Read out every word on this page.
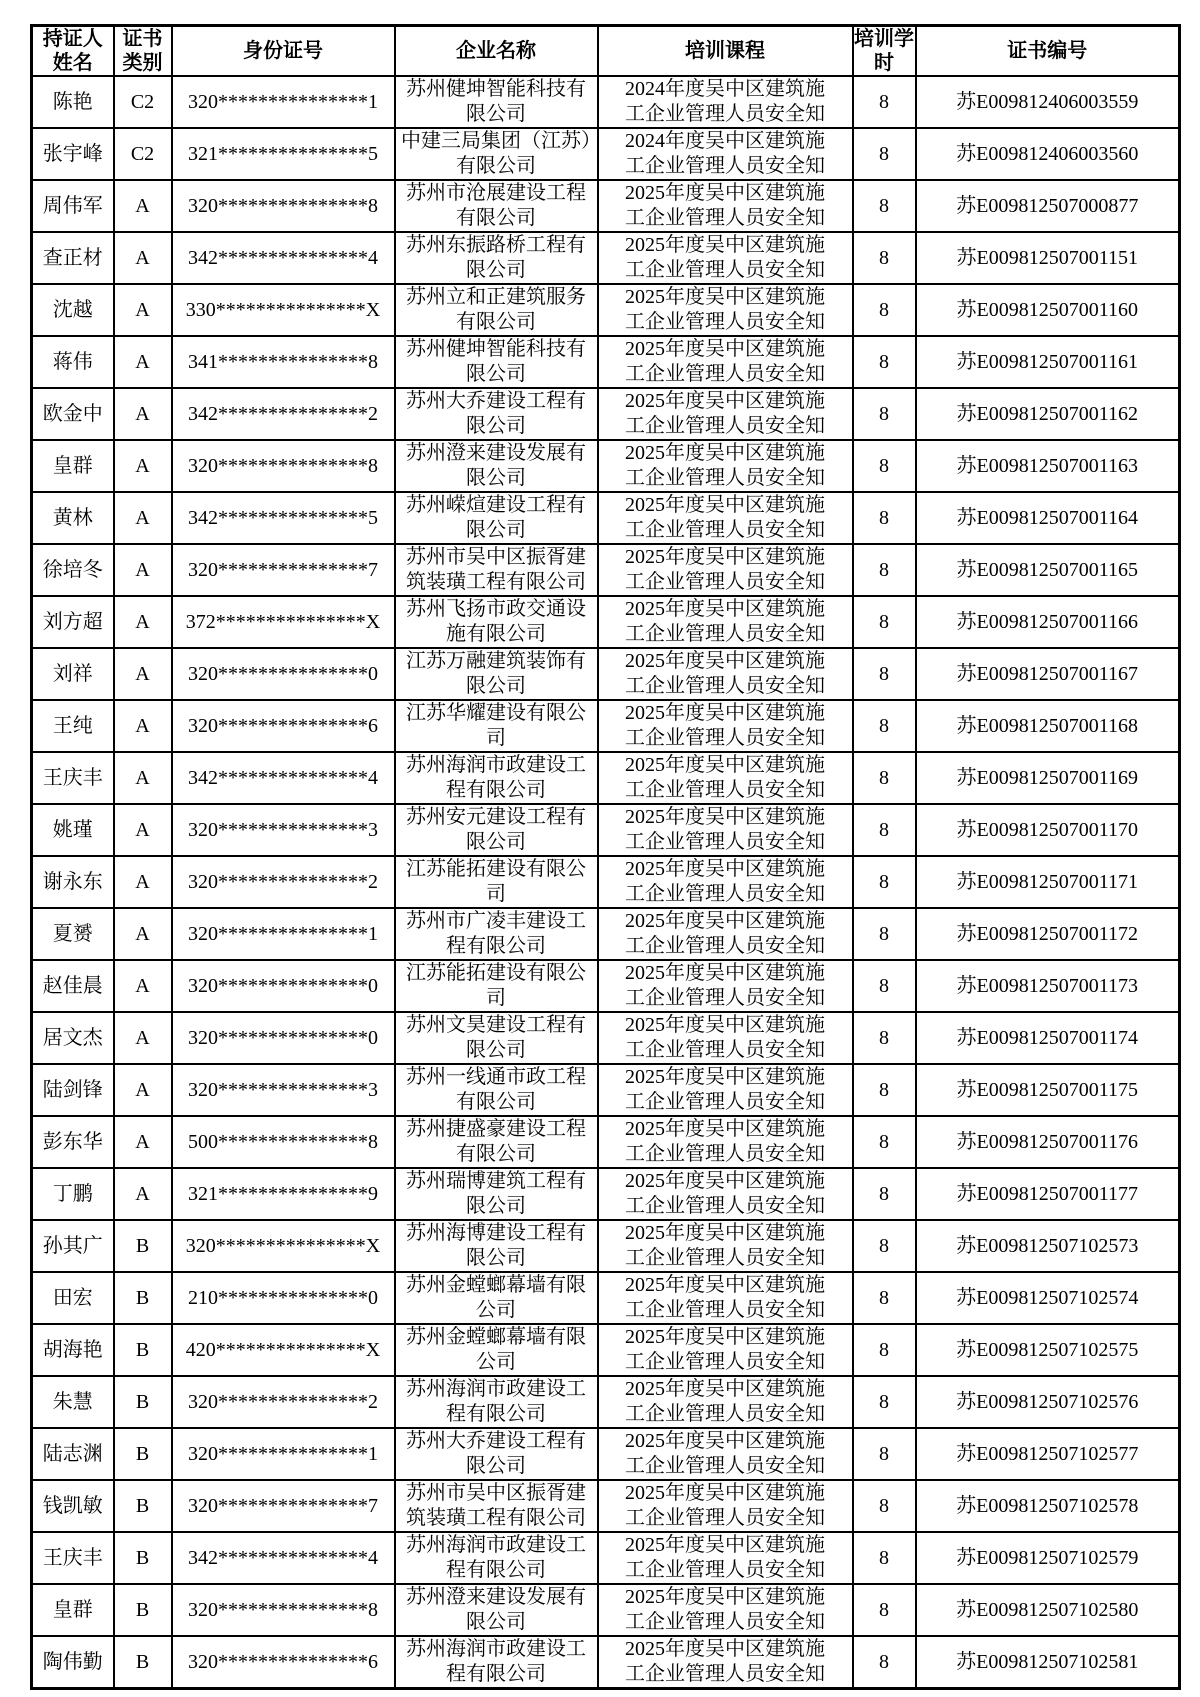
持证人姓名	证书类别	身份证号	企业名称	培训课程	培训学时	证书编号
陈艳	C2	320***************1	苏州健坤智能科技有限公司	2024年度吴中区建筑施工企业管理人员安全知	8	苏E009812406003559
张宇峰	C2	321***************5	中建三局集团（江苏）有限公司	2024年度吴中区建筑施工企业管理人员安全知	8	苏E009812406003560
周伟军	A	320***************8	苏州市沧展建设工程有限公司	2025年度吴中区建筑施工企业管理人员安全知	8	苏E009812507000877
查正材	A	342***************4	苏州东振路桥工程有限公司	2025年度吴中区建筑施工企业管理人员安全知	8	苏E009812507001151
沈越	A	330***************X	苏州立和正建筑服务有限公司	2025年度吴中区建筑施工企业管理人员安全知	8	苏E009812507001160
蒋伟	A	341***************8	苏州健坤智能科技有限公司	2025年度吴中区建筑施工企业管理人员安全知	8	苏E009812507001161
欧金中	A	342***************2	苏州大乔建设工程有限公司	2025年度吴中区建筑施工企业管理人员安全知	8	苏E009812507001162
皇群	A	320***************8	苏州澄来建设发展有限公司	2025年度吴中区建筑施工企业管理人员安全知	8	苏E009812507001163
黄林	A	342***************5	苏州嵘煊建设工程有限公司	2025年度吴中区建筑施工企业管理人员安全知	8	苏E009812507001164
徐培冬	A	320***************7	苏州市吴中区振胥建筑装璜工程有限公司	2025年度吴中区建筑施工企业管理人员安全知	8	苏E009812507001165
刘方超	A	372***************X	苏州飞扬市政交通设施有限公司	2025年度吴中区建筑施工企业管理人员安全知	8	苏E009812507001166
刘祥	A	320***************0	江苏万融建筑装饰有限公司	2025年度吴中区建筑施工企业管理人员安全知	8	苏E009812507001167
王纯	A	320***************6	江苏华耀建设有限公司	2025年度吴中区建筑施工企业管理人员安全知	8	苏E009812507001168
王庆丰	A	342***************4	苏州海润市政建设工程有限公司	2025年度吴中区建筑施工企业管理人员安全知	8	苏E009812507001169
姚瑾	A	320***************3	苏州安元建设工程有限公司	2025年度吴中区建筑施工企业管理人员安全知	8	苏E009812507001170
谢永东	A	320***************2	江苏能拓建设有限公司	2025年度吴中区建筑施工企业管理人员安全知	8	苏E009812507001171
夏赟	A	320***************1	苏州市广凌丰建设工程有限公司	2025年度吴中区建筑施工企业管理人员安全知	8	苏E009812507001172
赵佳晨	A	320***************0	江苏能拓建设有限公司	2025年度吴中区建筑施工企业管理人员安全知	8	苏E009812507001173
居文杰	A	320***************0	苏州文昊建设工程有限公司	2025年度吴中区建筑施工企业管理人员安全知	8	苏E009812507001174
陆剑锋	A	320***************3	苏州一线通市政工程有限公司	2025年度吴中区建筑施工企业管理人员安全知	8	苏E009812507001175
彭东华	A	500***************8	苏州捷盛豪建设工程有限公司	2025年度吴中区建筑施工企业管理人员安全知	8	苏E009812507001176
丁鹏	A	321***************9	苏州瑞博建筑工程有限公司	2025年度吴中区建筑施工企业管理人员安全知	8	苏E009812507001177
孙其广	B	320***************X	苏州海博建设工程有限公司	2025年度吴中区建筑施工企业管理人员安全知	8	苏E009812507102573
田宏	B	210***************0	苏州金螳螂幕墙有限公司	2025年度吴中区建筑施工企业管理人员安全知	8	苏E009812507102574
胡海艳	B	420***************X	苏州金螳螂幕墙有限公司	2025年度吴中区建筑施工企业管理人员安全知	8	苏E009812507102575
朱慧	B	320***************2	苏州海润市政建设工程有限公司	2025年度吴中区建筑施工企业管理人员安全知	8	苏E009812507102576
陆志渊	B	320***************1	苏州大乔建设工程有限公司	2025年度吴中区建筑施工企业管理人员安全知	8	苏E009812507102577
钱凯敏	B	320***************7	苏州市吴中区振胥建筑装璜工程有限公司	2025年度吴中区建筑施工企业管理人员安全知	8	苏E009812507102578
王庆丰	B	342***************4	苏州海润市政建设工程有限公司	2025年度吴中区建筑施工企业管理人员安全知	8	苏E009812507102579
皇群	B	320***************8	苏州澄来建设发展有限公司	2025年度吴中区建筑施工企业管理人员安全知	8	苏E009812507102580
陶伟勤	B	320***************6	苏州海润市政建设工程有限公司	2025年度吴中区建筑施工企业管理人员安全知	8	苏E009812507102581
